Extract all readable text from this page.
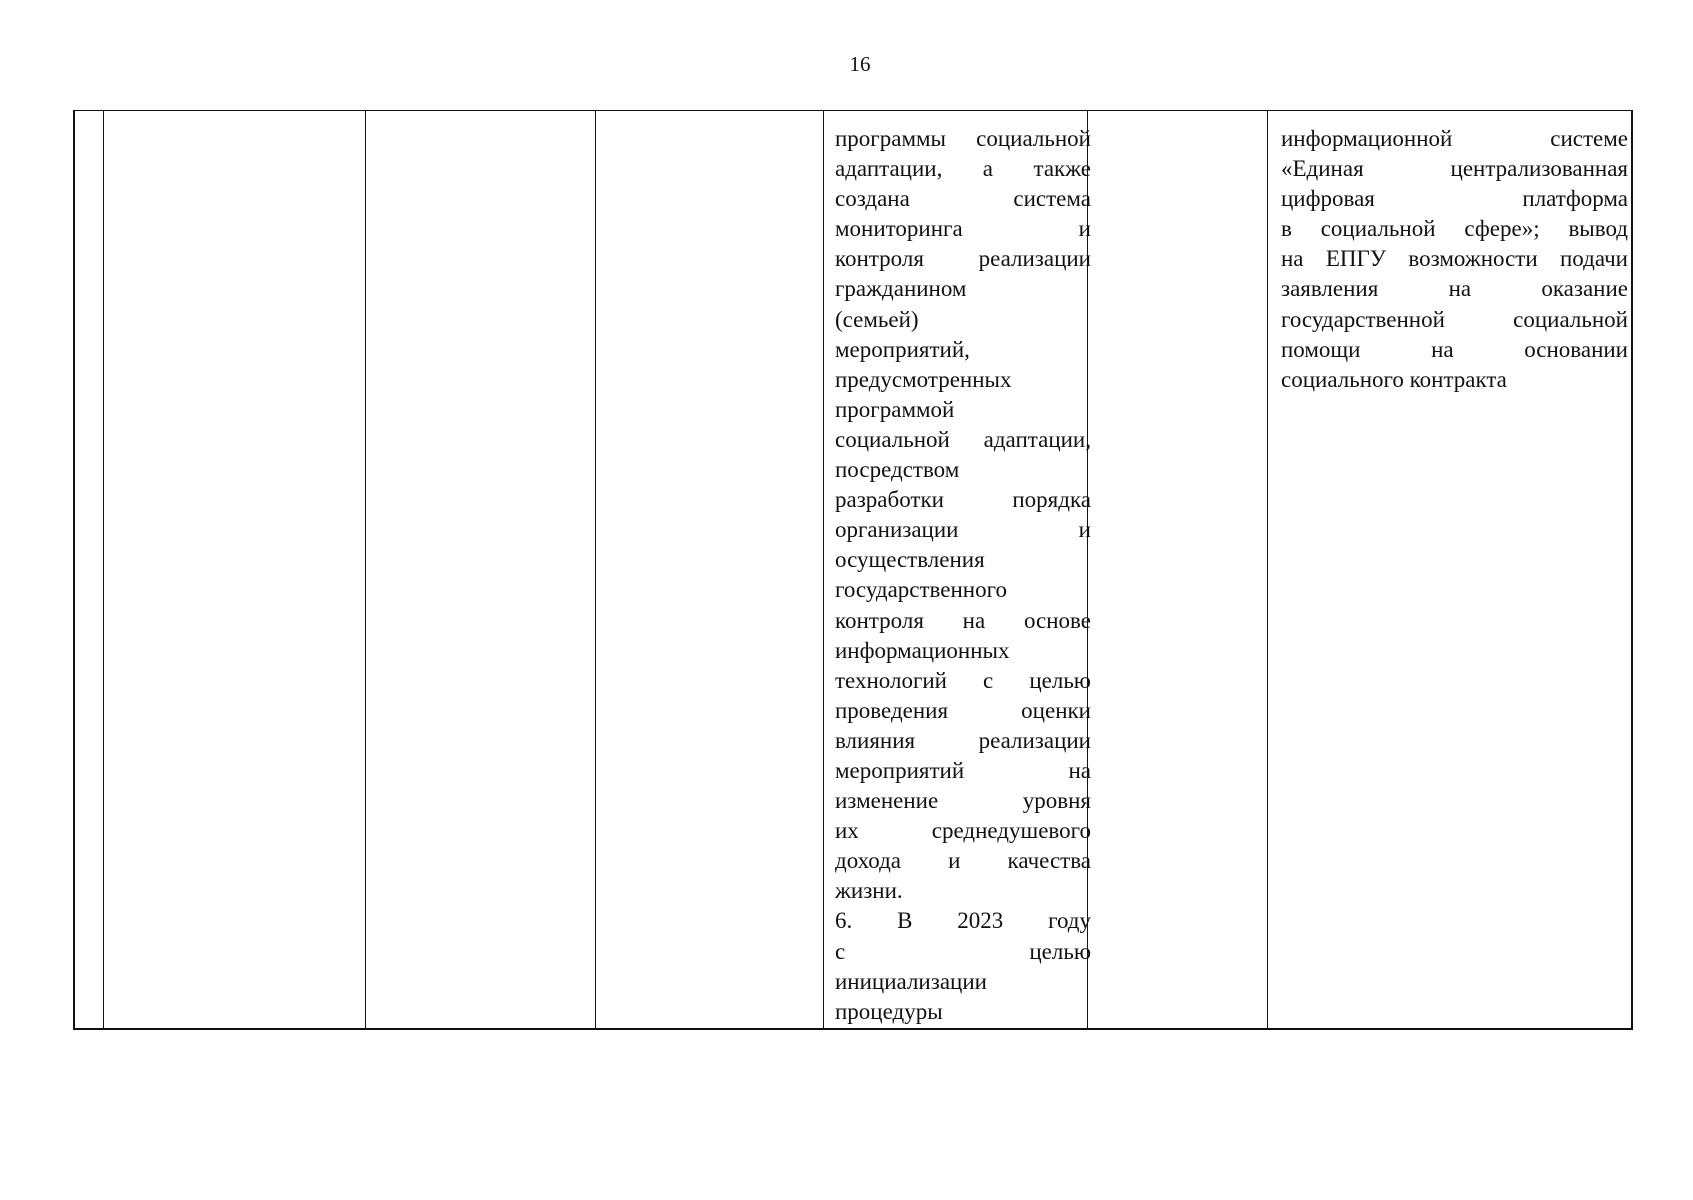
16
программы социальной
адаптации, а также
создана система
мониторинга и
контроля реализации
гражданином
(семьей)
мероприятий,
предусмотренных
программой
социальной адаптации,
посредством
разработки порядка
организации и
осуществления
государственного
контроля на основе
информационных
технологий с целью
проведения оценки
влияния реализации
мероприятий на
изменение уровня
их среднедушевого
дохода и качества
жизни.
6. В 2023 году
с целью
инициализации
процедуры
информационной системе
«Единая централизованная
цифровая платформа
в социальной сфере»; вывод
на ЕПГУ возможности подачи
заявления на оказание
государственной социальной
помощи на основании
социального контракта
